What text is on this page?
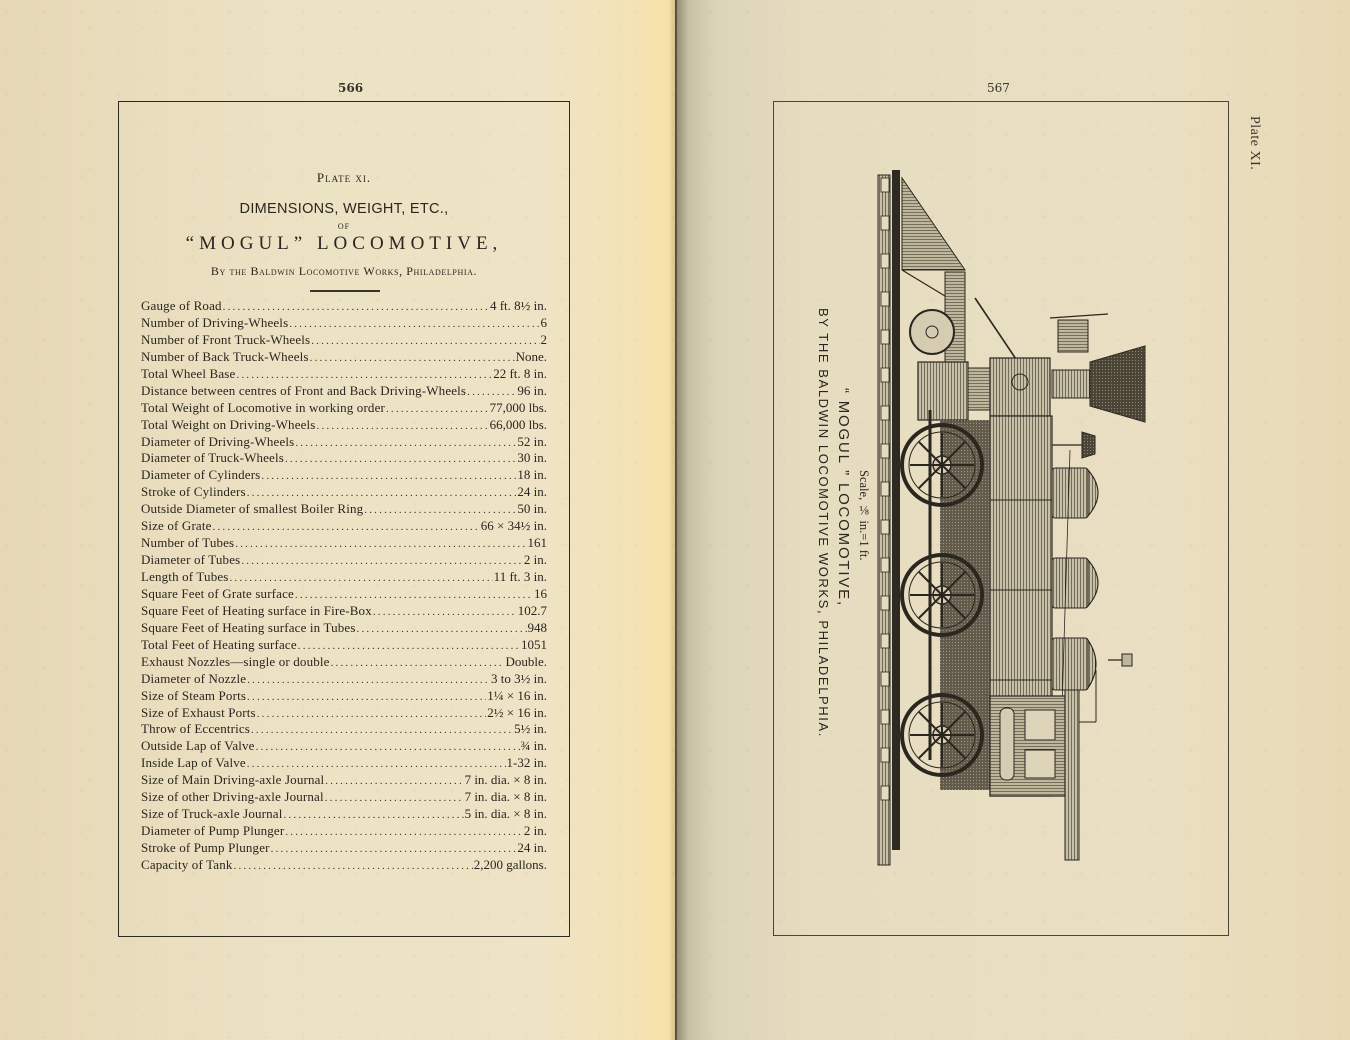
566
Plate xi.
DIMENSIONS, WEIGHT, ETC.,
OF
“MOGUL” LOCOMOTIVE,
By the Baldwin Locomotive Works, Philadelphia.
Gauge of Road .....	4 ft. 8½ in.
Number of Driving-Wheels .....	6
Number of Front Truck-Wheels .....	2
Number of Back Truck-Wheels .....	None.
Total Wheel Base .....	22 ft. 8 in.
Distance between centres of Front and Back Driving-Wheels .....	96 in.
Total Weight of Locomotive in working order .....	77,000 lbs.
Total Weight on Driving-Wheels .....	66,000 lbs.
Diameter of Driving-Wheels .....	52 in.
Diameter of Truck-Wheels .....	30 in.
Diameter of Cylinders .....	18 in.
Stroke of Cylinders .....	24 in.
Outside Diameter of smallest Boiler Ring .....	50 in.
Size of Grate .....	66 × 34½ in.
Number of Tubes .....	161
Diameter of Tubes .....	2 in.
Length of Tubes .....	11 ft. 3 in.
Square Feet of Grate surface .....	16
Square Feet of Heating surface in Fire-Box .....	102.7
Square Feet of Heating surface in Tubes .....	948
Total Feet of Heating surface .....	1051
Exhaust Nozzles—single or double .....	Double.
Diameter of Nozzle .....	3 to 3½ in.
Size of Steam Ports .....	1¼ × 16 in.
Size of Exhaust Ports .....	2½ × 16 in.
Throw of Eccentrics .....	5½ in.
Outside Lap of Valve .....	¾ in.
Inside Lap of Valve .....	1-32 in.
Size of Main Driving-axle Journal .....	7 in. dia. × 8 in.
Size of other Driving-axle Journal .....	7 in. dia. × 8 in.
Size of Truck-axle Journal .....	5 in. dia. × 8 in.
Diameter of Pump Plunger .....	2 in.
Stroke of Pump Plunger .....	24 in.
Capacity of Tank .....	2,200 gallons.
567
Plate XI.
Scale, ⅛ in.=1 ft.
“ MOGUL ” LOCOMOTIVE,
BY THE BALDWIN LOCOMOTIVE WORKS, PHILADELPHIA.
